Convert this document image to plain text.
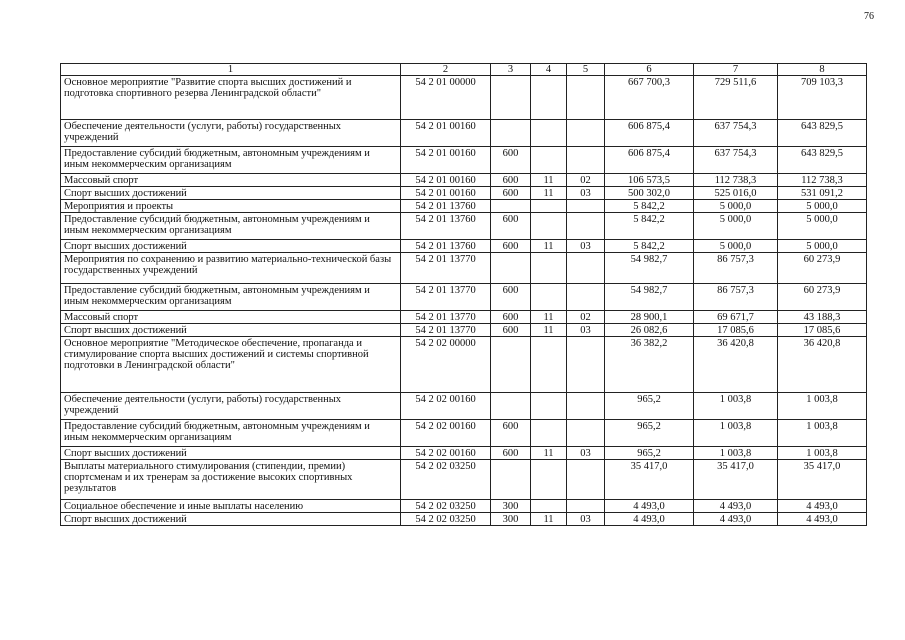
76
1	2	3	4	5	6	7	8
Основное мероприятие "Развитие спорта высших достижений и подготовка спортивного резерва Ленинградской области"	54 2 01 00000				667 700,3	729 511,6	709 103,3
Обеспечение деятельности (услуги, работы) государственных учреждений	54 2 01 00160				606 875,4	637 754,3	643 829,5
Предоставление субсидий бюджетным, автономным учреждениям и иным некоммерческим организациям	54 2 01 00160	600			606 875,4	637 754,3	643 829,5
Массовый спорт	54 2 01 00160	600	11	02	106 573,5	112 738,3	112 738,3
Спорт высших достижений	54 2 01 00160	600	11	03	500 302,0	525 016,0	531 091,2
Мероприятия и проекты	54 2 01 13760				5 842,2	5 000,0	5 000,0
Предоставление субсидий бюджетным, автономным учреждениям и иным некоммерческим организациям	54 2 01 13760	600			5 842,2	5 000,0	5 000,0
Спорт высших достижений	54 2 01 13760	600	11	03	5 842,2	5 000,0	5 000,0
Мероприятия по сохранению и развитию материально-технической базы государственных учреждений	54 2 01 13770				54 982,7	86 757,3	60 273,9
Предоставление субсидий бюджетным, автономным учреждениям и иным некоммерческим организациям	54 2 01 13770	600			54 982,7	86 757,3	60 273,9
Массовый спорт	54 2 01 13770	600	11	02	28 900,1	69 671,7	43 188,3
Спорт высших достижений	54 2 01 13770	600	11	03	26 082,6	17 085,6	17 085,6
Основное мероприятие "Методическое обеспечение, пропаганда и стимулирование спорта высших достижений и системы спортивной подготовки в Ленинградской области"	54 2 02 00000				36 382,2	36 420,8	36 420,8
Обеспечение деятельности (услуги, работы) государственных учреждений	54 2 02 00160				965,2	1 003,8	1 003,8
Предоставление субсидий бюджетным, автономным учреждениям и иным некоммерческим организациям	54 2 02 00160	600			965,2	1 003,8	1 003,8
Спорт высших достижений	54 2 02 00160	600	11	03	965,2	1 003,8	1 003,8
Выплаты материального стимулирования (стипендии, премии) спортсменам и их тренерам за достижение высоких спортивных результатов	54 2 02 03250				35 417,0	35 417,0	35 417,0
Социальное обеспечение и иные выплаты населению	54 2 02 03250	300			4 493,0	4 493,0	4 493,0
Спорт высших достижений	54 2 02 03250	300	11	03	4 493,0	4 493,0	4 493,0
